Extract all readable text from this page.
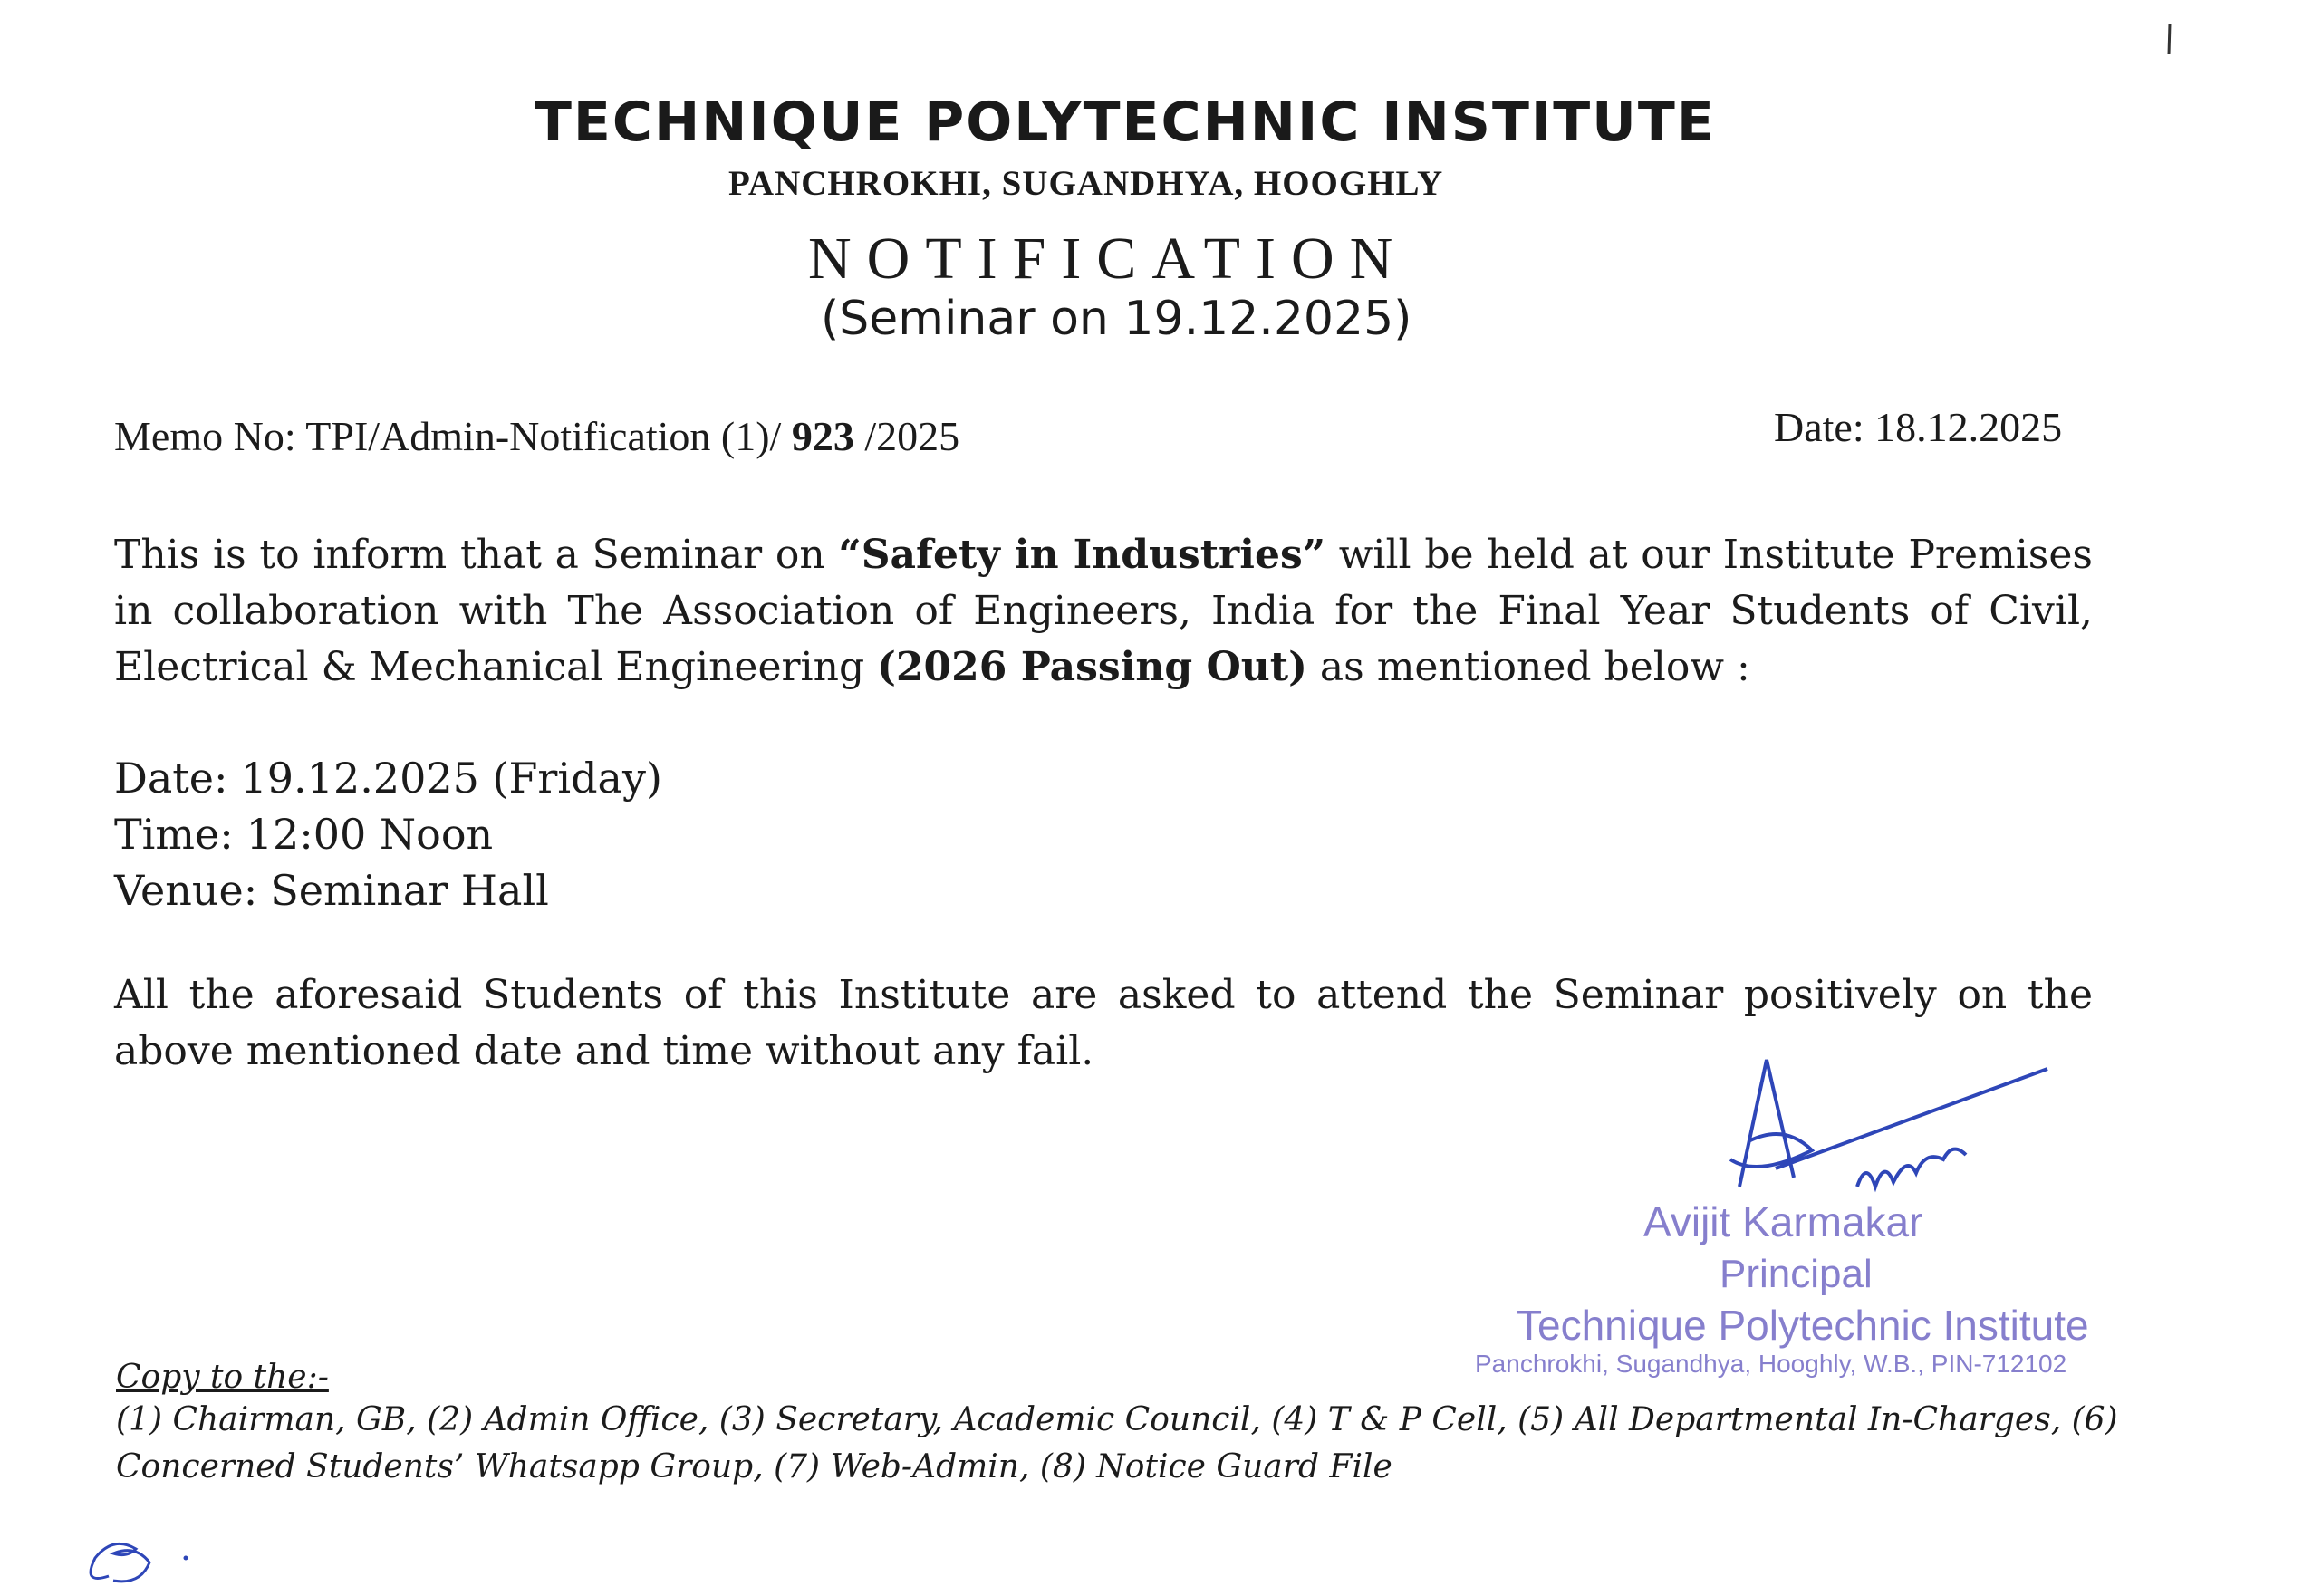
TECHNIQUE POLYTECHNIC INSTITUTE
PANCHROKHI, SUGANDHYA, HOOGHLY
NOTIFICATION
(Seminar on 19.12.2025)
Memo No: TPI/Admin-Notification (1)/ 923 /2025	Date: 18.12.2025
This is to inform that a Seminar on “Safety in Industries” will be held at our Institute Premises in collaboration with The Association of Engineers, India for the Final Year Students of Civil, Electrical & Mechanical Engineering (2026 Passing Out) as mentioned below :
Date: 19.12.2025 (Friday)
Time: 12:00 Noon
Venue: Seminar Hall
All the aforesaid Students of this Institute are asked to attend the Seminar positively on the above mentioned date and time without any fail.
Avijit Karmakar
Principal
Technique Polytechnic Institute
Panchrokhi, Sugandhya, Hooghly, W.B., PIN-712102
Copy to the:-
(1) Chairman, GB, (2) Admin Office, (3) Secretary, Academic Council, (4) T & P Cell, (5) All Departmental In-Charges, (6) Concerned Students’ Whatsapp Group, (7) Web-Admin, (8) Notice Guard File
